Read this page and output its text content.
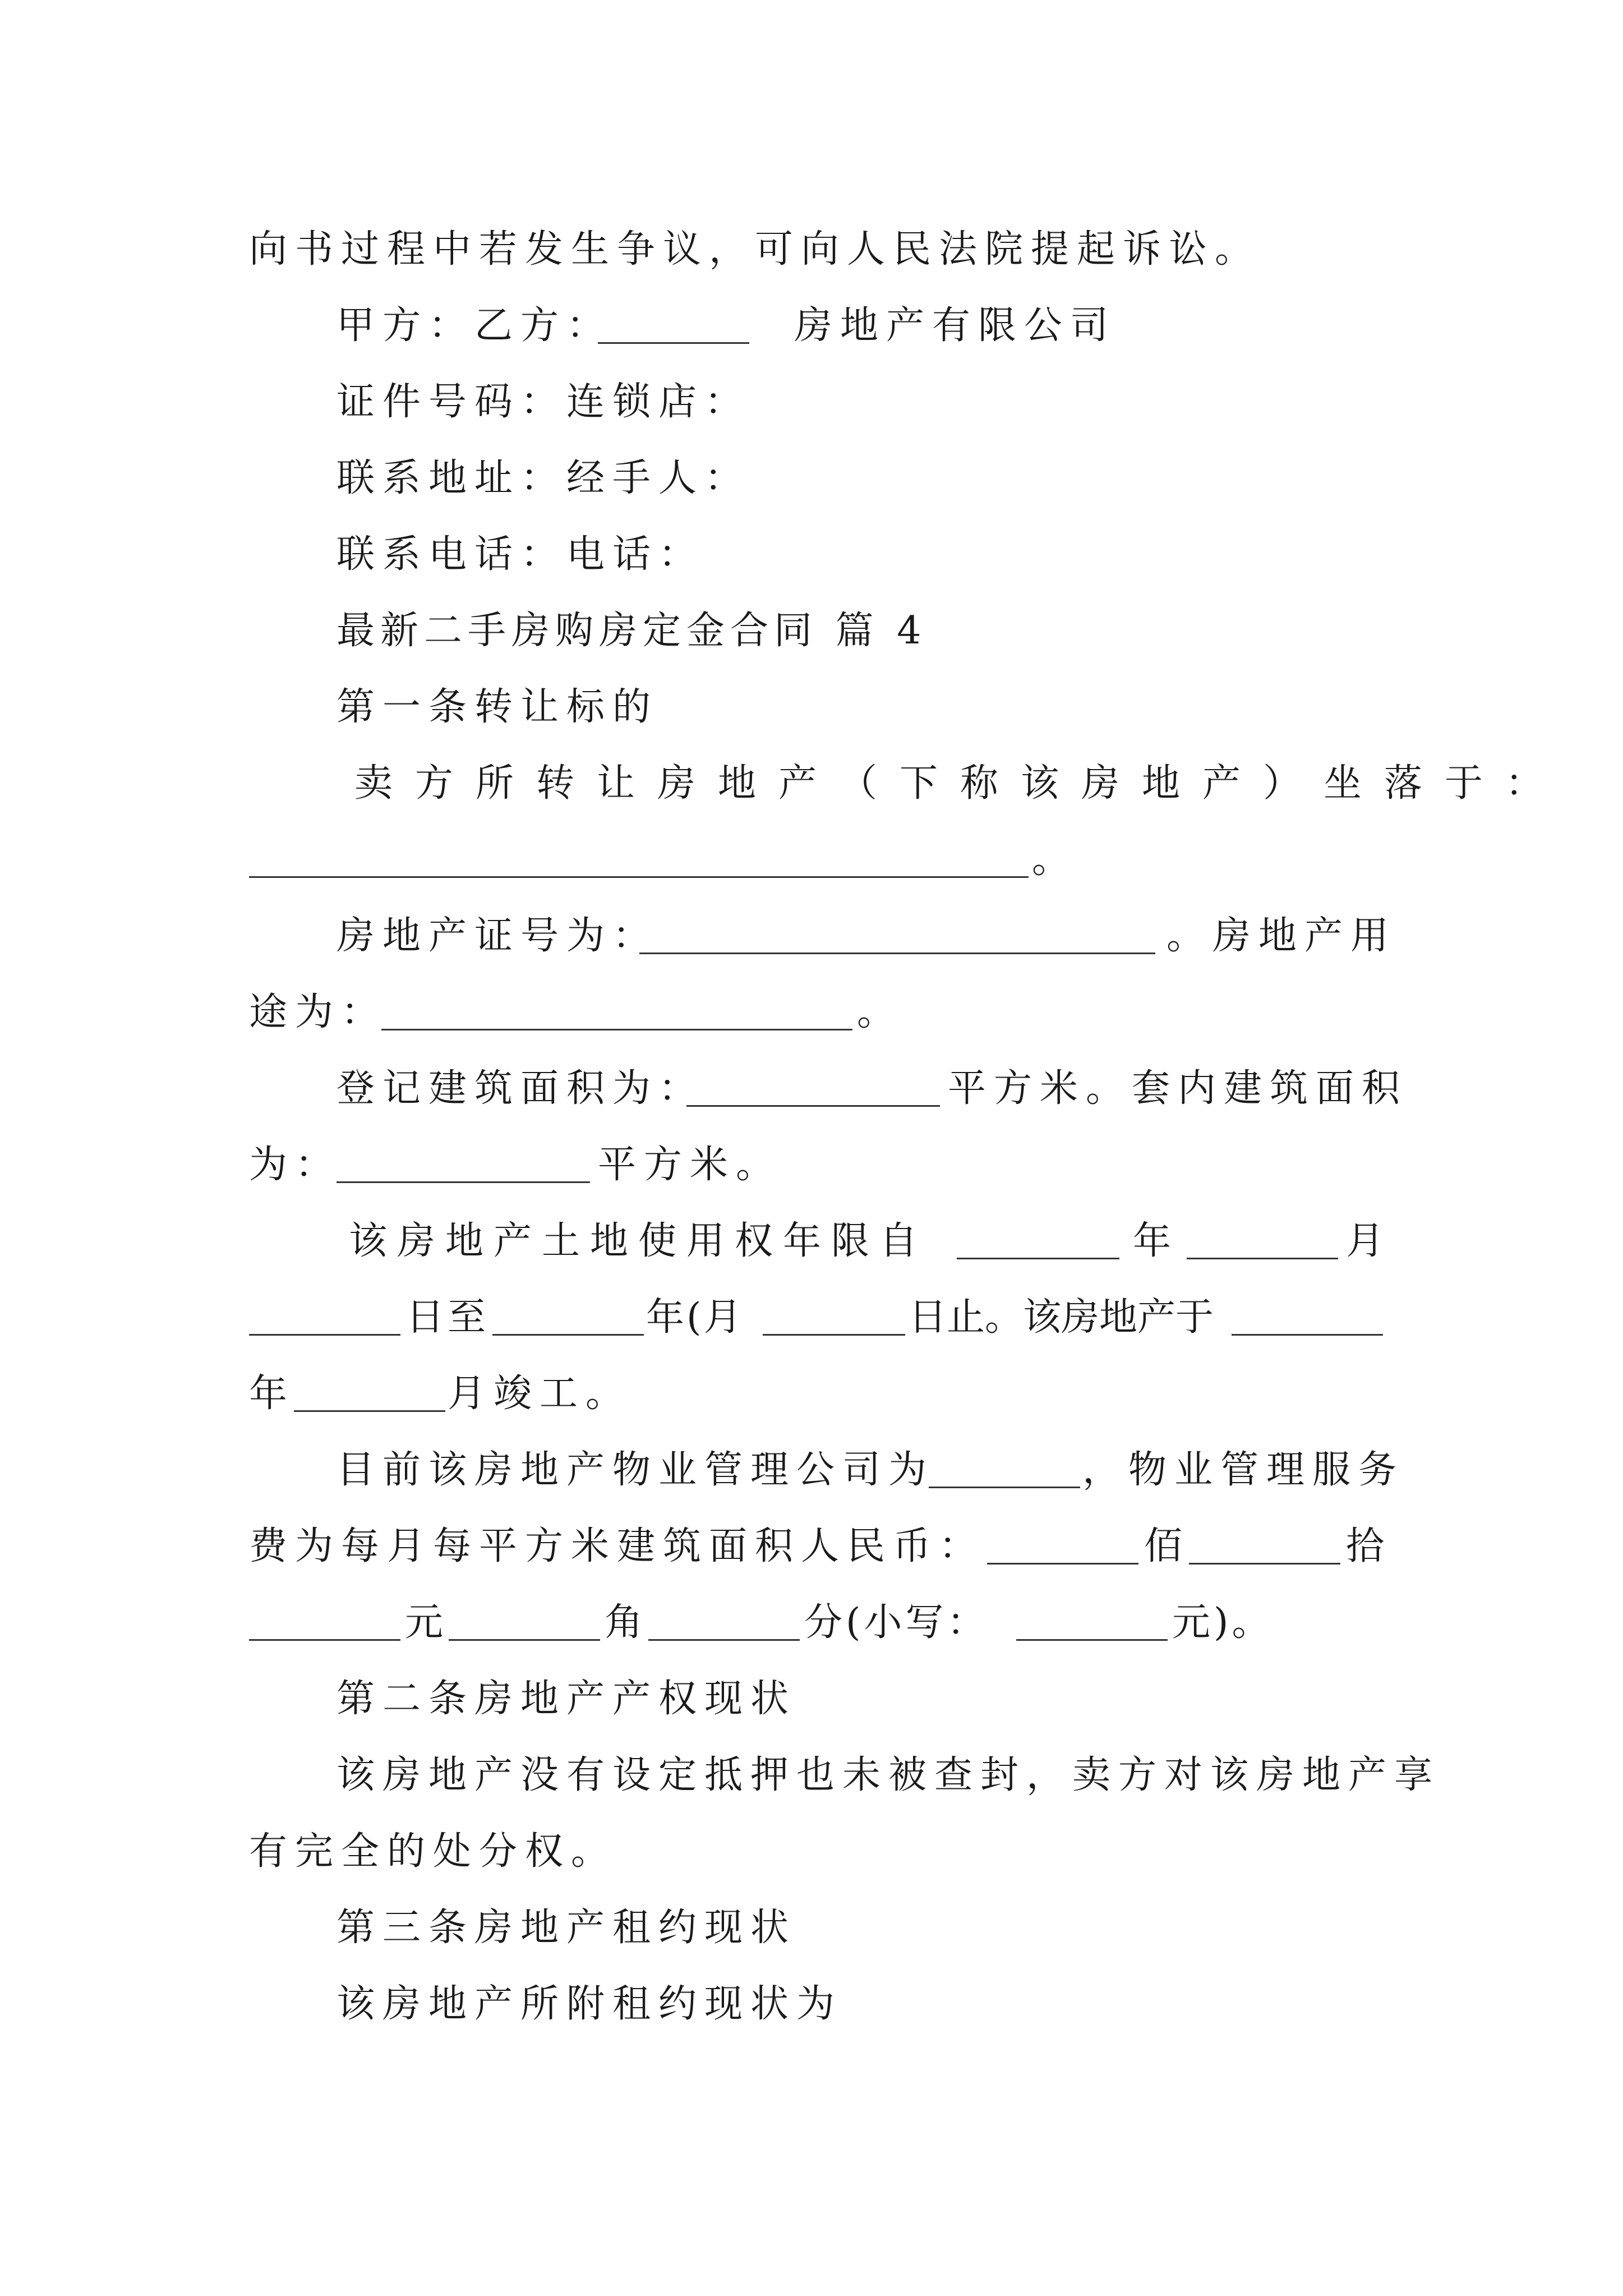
向书过程中若发生争议，可向人民法院提起诉讼。
甲方：乙方：	房地产有限公司
证件号码：连锁店：
联系地址：经手人：
联系电话：电话：
最新二手房购房定金合同 篇 4
第一条转让标的
卖方所转让房地产（下称该房地产）坐落于：
。
房地产证号为：	。房地产用
途为：	。
登记建筑面积为：	平方米。套内建筑面积
为：	平方米。
该房地产土地使用权年限自	年	月
日至	年(月	日止。该房地产于
年	月竣工。
目前该房地产物业管理公司为	，物业管理服务
费为每月每平方米建筑面积人民币：	佰	拾
元	角	分(小写：	元)。
第二条房地产产权现状
该房地产没有设定抵押也未被查封，卖方对该房地产享
有完全的处分权。
第三条房地产租约现状
该房地产所附租约现状为
